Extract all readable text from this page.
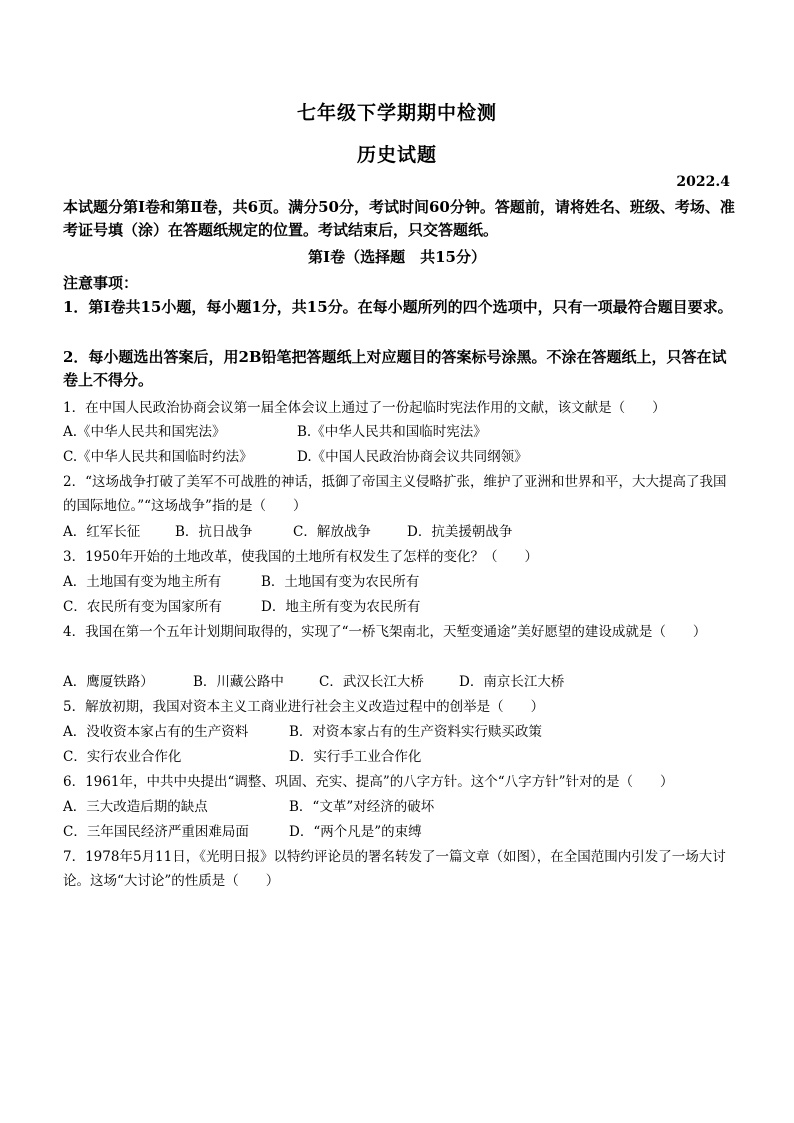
七年级下学期期中检测
历史试题
2022.4
本试题分第Ⅰ卷和第Ⅱ卷，共6页。满分50分，考试时间60分钟。答题前，请将姓名、班级、考场、准考证号填（涂）在答题纸规定的位置。考试结束后，只交答题纸。
第Ⅰ卷（选择题　共15分）
注意事项：
1．第Ⅰ卷共15小题，每小题1分，共15分。在每小题所列的四个选项中，只有一项最符合题目要求。
2．每小题选出答案后，用2B铅笔把答题纸上对应题目的答案标号涂黑。不涂在答题纸上，只答在试卷上不得分。
1．在中国人民政治协商会议第一届全体会议上通过了一份起临时宪法作用的文献，该文献是（　　）
A.《中华人民共和国宪法》	B.《中华人民共和国临时宪法》
C.《中华人民共和国临时约法》	D.《中国人民政治协商会议共同纲领》
2．“这场战争打破了美军不可战胜的神话，抵御了帝国主义侵略扩张，维护了亚洲和世界和平，大大提高了我国的国际地位。”“这场战争”指的是（　　）
A．红军长征	B．抗日战争	C．解放战争	D．抗美援朝战争
3．1950年开始的土地改革，使我国的土地所有权发生了怎样的变化？（　　）
A．土地国有变为地主所有	B．土地国有变为农民所有
C．农民所有变为国家所有	D．地主所有变为农民所有
4．我国在第一个五年计划期间取得的，实现了“一桥飞架南北，天堑变通途”美好愿望的建设成就是（　　）
A．鹰厦铁路）	B．川藏公路中	C．武汉长江大桥	D．南京长江大桥
5．解放初期，我国对资本主义工商业进行社会主义改造过程中的创举是（　　）
A．没收资本家占有的生产资料	B．对资本家占有的生产资料实行赎买政策
C．实行农业合作化	D．实行手工业合作化
6．1961年，中共中央提出“调整、巩固、充实、提高”的八字方针。这个“八字方针”针对的是（　　）
A．三大改造后期的缺点	B．“文革”对经济的破坏
C．三年国民经济严重困难局面	D．“两个凡是”的束缚
7．1978年5月11日，《光明日报》以特约评论员的署名转发了一篇文章（如图），在全国范围内引发了一场大讨论。这场“大讨论”的性质是（　　）
